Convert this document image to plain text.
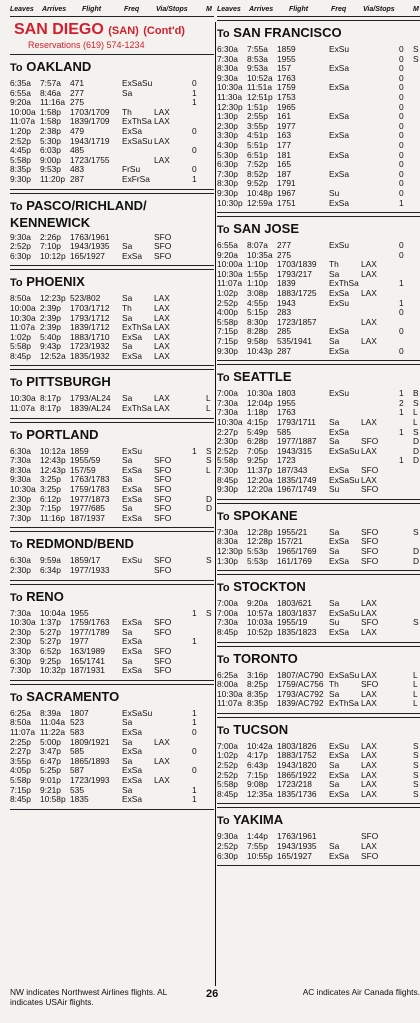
Leaves Arrives Flight	Freq Via/Stops	M
SAN DIEGO (SAN) (Cont'd)
Reservations (619) 574-1234
To OAKLAND
6:35a 7:57a 471	ExSaSu	0
6:55a 8:46a 277	Sa	1
9:20a 11:16a 275	1
10:00a 1:58p 1703/1709 Th	LAX
11:07a 1:58p 1839/1709 ExThSa LAX
1:20p 2:38p 479	ExSa	0
2:52p 5:30p 1943/1719 ExSaSu LAX
4:45p 6:03p 485	0
5:58p 9:00p 1723/1755	LAX
8:35p 9:53p 483	FrSu	0
9:30p 11:20p 287	ExFrSa	1
To PASCO/RICHLAND/ KENNEWICK
9:30a 2:26p 1763/1961	SFO
2:52p 7:10p 1943/1935 Sa	SFO
6:30p 10:12p 165/1927 ExSa SFO
To PHOENIX
8:50a 12:23p 523/802	Sa	LAX
10:00a 2:39p 1703/1712 Th	LAX
10:30a 2:39p 1793/1712 Sa	LAX
11:07a 2:39p 1839/1712 ExThSa LAX
1:02p 5:40p 1883/1710 ExSa LAX
5:58p 9:43p 1723/1932 Sa	LAX
8:45p 12:52a 1835/1932 ExSa LAX
To PITTSBURGH
10:30a 8:17p 1793/AL24 Sa	LAX	L
11:07a 8:17p 1839/AL24 ExThSa LAX	L
To PORTLAND
6:30a 10:12a 1859	ExSu	1 S
7:30a 12:43p 1955/59	Sa	SFO	S
8:30a 12:43p 157/59	ExSa SFO	L
9:30a 3:25p 1763/1783 Sa	SFO
10:30a 3:25p 1759/1783 ExSa SFO
2:30p 6:12p 1977/1873 ExSa SFO	D
2:30p 7:15p 1977/685 Sa	SFO	D
7:30p 11:16p 187/1937 ExSa SFO
To REDMOND/BEND
6:30a 9:59a 1859/17	ExSu SFO	S
2:30p 6:34p 1977/1933	SFO
To RENO
7:30a 10:04a 1955	1 S
10:30a 1:37p 1759/1763 ExSa SFO
2:30p 5:27p 1977/1789 Sa	SFO
2:30p 5:27p 1977	ExSa	1
3:30p 6:52p 163/1989 ExSa SFO
6:30p 9:25p 165/1741 Sa	SFO
7:30p 10:32p 187/1931 ExSa SFO
To SACRAMENTO
6:25a 8:39a 1807	ExSaSu	1
8:50a 11:04a 523	Sa	1
11:07a 11:22a 583	ExSa	0
2:25p 5:00p 1809/1921 Sa	LAX
2:27p 3:47p 585	ExSa	0
3:55p 6:47p 1865/1893 Sa	LAX
4:05p 5:25p 587	ExSa	0
5:58p 9:01p 1723/1993 ExSa LAX
7:15p 9:21p 535	Sa	1
8:45p 10:58p 1835	ExSa	1
Leaves Arrives Flight	Freq Via/Stops	M
To SAN FRANCISCO
6:30a 7:55a 1859	ExSu	0 S
7:30a 8:53a 1955	0 S
8:30a 9:53a 157	ExSa	0
9:30a 10:52a 1763	0
10:30a 11:51a 1759	ExSa	0
11:30a 12:51p 1753	0
12:30p 1:51p 1965	0
1:30p 2:55p 161	ExSa	0
2:30p 3:55p 1977	0
3:30p 4:51p 163	ExSa	0
4:30p 5:51p 177	0
5:30p 6:51p 181	ExSa	0
6:30p 7:52p 165	0
7:30p 8:52p 187	ExSa	0
8:30p 9:52p 1791	0
9:30p 10:48p 1967	Su	0
10:30p 12:59a 1751	ExSa	1
To SAN JOSE
6:55a 8:07a 277	ExSu	0
9:20a 10:35a 275	0
10:00a 1:10p 1703/1839 Th	LAX
10:30a 1:55p 1793/217 Sa	LAX
11:07a 1:10p 1839	ExThSa	1
1:02p 3:08p 1883/1725 ExSa LAX
2:52p 4:55p 1943	ExSu	1
4:00p 5:15p 283	0
5:58p 8:30p 1723/1857	LAX
7:15p 8:28p 285	ExSa	0
7:15p 9:58p 535/1941 Sa	LAX
9:30p 10:43p 287	ExSa	0
To SEATTLE
7:00a 10:30a 1803	ExSu	1 B
7:30a 12:04p 1955	2 S
7:30a 1:18p 1763	1 L
10:30a 4:15p 1793/1711 Sa	LAX	L
2:27p 5:49p 585	ExSa	1 S
2:30p 6:28p 1977/1887 Sa	SFO	D
2:52p 7:05p 1943/315 ExSaSu LAX	D
5:58p 9:25p 1723	1 D
7:30p 11:37p 187/343	ExSa SFO
8:45p 12:20a 1835/1749 ExSaSu LAX
9:30p 12:20a 1967/1749 Su	SFO
To SPOKANE
7:30a 12:28p 1955/21	Sa	SFO	S
8:30a 12:28p 157/21	ExSa SFO
12:30p 5:53p 1965/1769 Sa	SFO	D
1:30p 5:53p 161/1769 ExSa SFO	D
To STOCKTON
7:00a 9:20a 1803/621 Sa	LAX
7:00a 10:57a 1803/1837 ExSaSu LAX
7:30a 10:03a 1955/19	Su	SFO	S
8:45p 10:52p 1835/1823 ExSa LAX
To TORONTO
6:25a 3:16p 1807/AC790 ExSaSu LAX	L
8:00a 8:25p 1759/AC756 Th	SFO	L
10:30a 8:35p 1793/AC792 Sa	LAX	L
11:07a 8:35p 1839/AC792 ExThSa LAX	L
To TUCSON
7:00a 10:42a 1803/1826 ExSu LAX	S
1:02p 4:17p 1883/1752 ExSa LAX	S
2:52p 6:43p 1943/1820 Sa	LAX	S
2:52p 7:15p 1865/1922 ExSa LAX	S
5:58p 9:08p 1723/218 Sa	LAX	S
8:45p 12:35a 1835/1736 ExSa LAX	S
To YAKIMA
9:30a 1:44p 1763/1961	SFO
2:52p 7:55p 1943/1935 Sa	LAX
6:30p 10:55p 165/1927 ExSa SFO
NW indicates Northwest Airlines flights. AL indicates USAir flights.
26	AC indicates Air Canada flights.
